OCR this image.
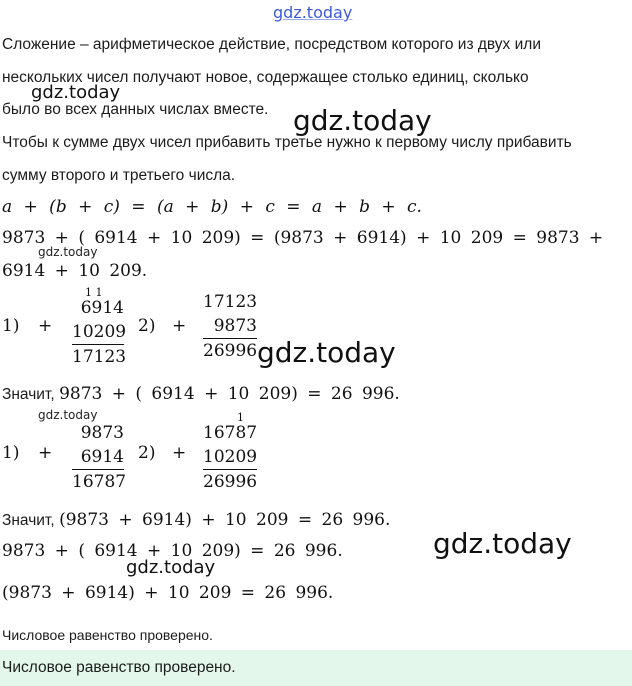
gdz.today
Сложение – арифметическое действие, посредством которого из двух или
нескольких чисел получают новое, содержащее столько единиц, сколько
было во всех данных числах вместе.
gdz.today
gdz.today
Чтобы к сумме двух чисел прибавить третье нужно к первому числу прибавить
сумму второго и третьего числа.
a + (b + c) = (a + b) + c = a + b + c.
9873 + ( 6914 + 10 209) = (9873 + 6914) + 10 209 = 9873 +
gdz.today
6914 + 10 209.
1) +
1 1
6914
10209
17123
2) +
17123
9873
26996 gdz.today
Значит, 9873 + ( 6914 + 10 209) = 26 996.
gdz.today
1) +
9873
6914
16787
2) +
1
16787
10209
26996
Значит, (9873 + 6914) + 10 209 = 26 996.
gdz.today
9873 + ( 6914 + 10 209) = 26 996.
gdz.today
(9873 + 6914) + 10 209 = 26 996.
Числовое равенство проверено.
Числовое равенство проверено.
